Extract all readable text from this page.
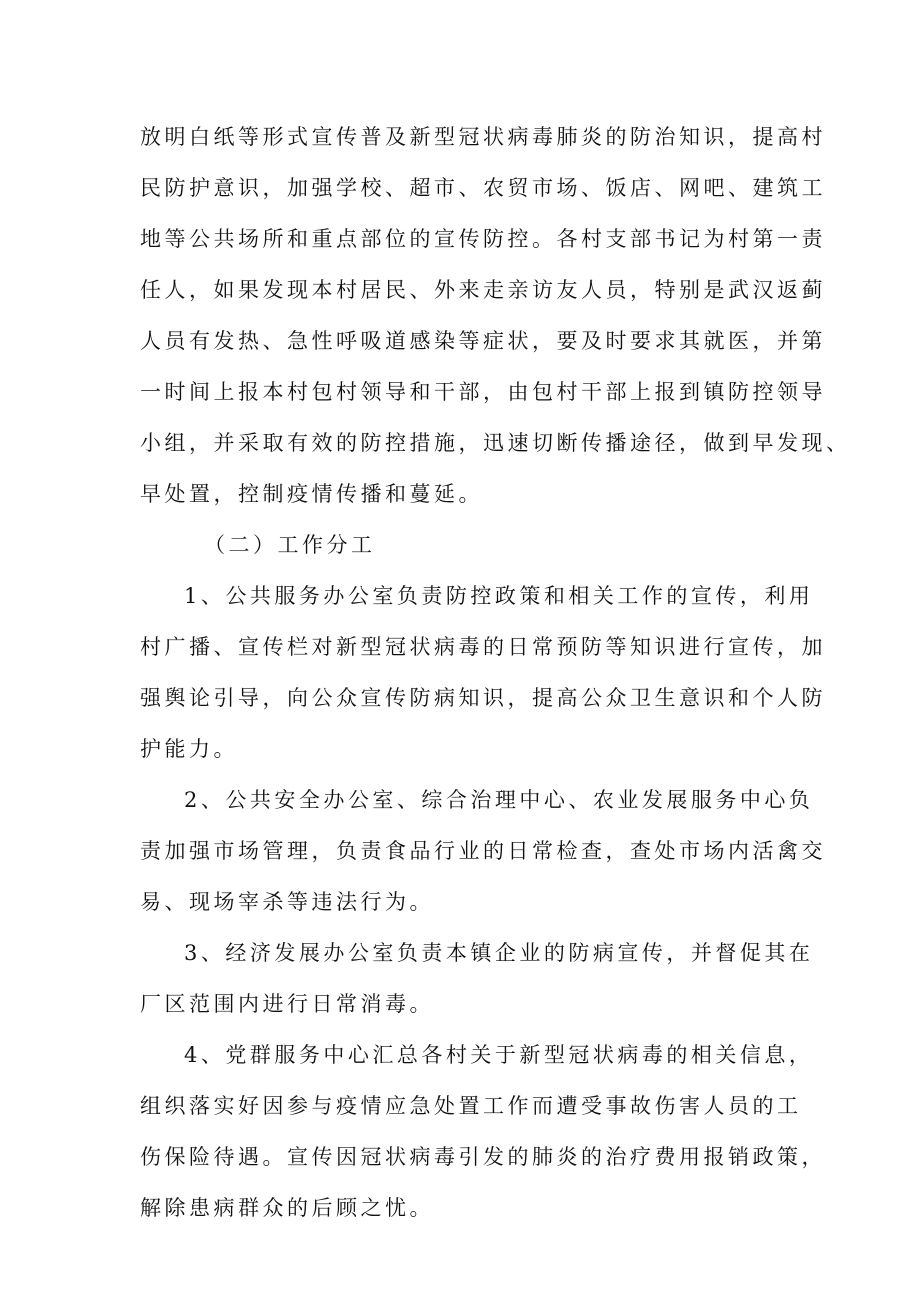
放明白纸等形式宣传普及新型冠状病毒肺炎的防治知识，提高村
民防护意识，加强学校、超市、农贸市场、饭店、网吧、建筑工
地等公共场所和重点部位的宣传防控。各村支部书记为村第一责
任人，如果发现本村居民、外来走亲访友人员，特别是武汉返蓟
人员有发热、急性呼吸道感染等症状，要及时要求其就医，并第
一时间上报本村包村领导和干部，由包村干部上报到镇防控领导
小组，并采取有效的防控措施，迅速切断传播途径，做到早发现、
早处置，控制疫情传播和蔓延。
（二）工作分工
1、公共服务办公室负责防控政策和相关工作的宣传，利用
村广播、宣传栏对新型冠状病毒的日常预防等知识进行宣传，加
强舆论引导，向公众宣传防病知识，提高公众卫生意识和个人防
护能力。
2、公共安全办公室、综合治理中心、农业发展服务中心负
责加强市场管理，负责食品行业的日常检查，查处市场内活禽交
易、现场宰杀等违法行为。
3、经济发展办公室负责本镇企业的防病宣传，并督促其在
厂区范围内进行日常消毒。
4、党群服务中心汇总各村关于新型冠状病毒的相关信息，
组织落实好因参与疫情应急处置工作而遭受事故伤害人员的工
伤保险待遇。宣传因冠状病毒引发的肺炎的治疗费用报销政策，
解除患病群众的后顾之忧。
